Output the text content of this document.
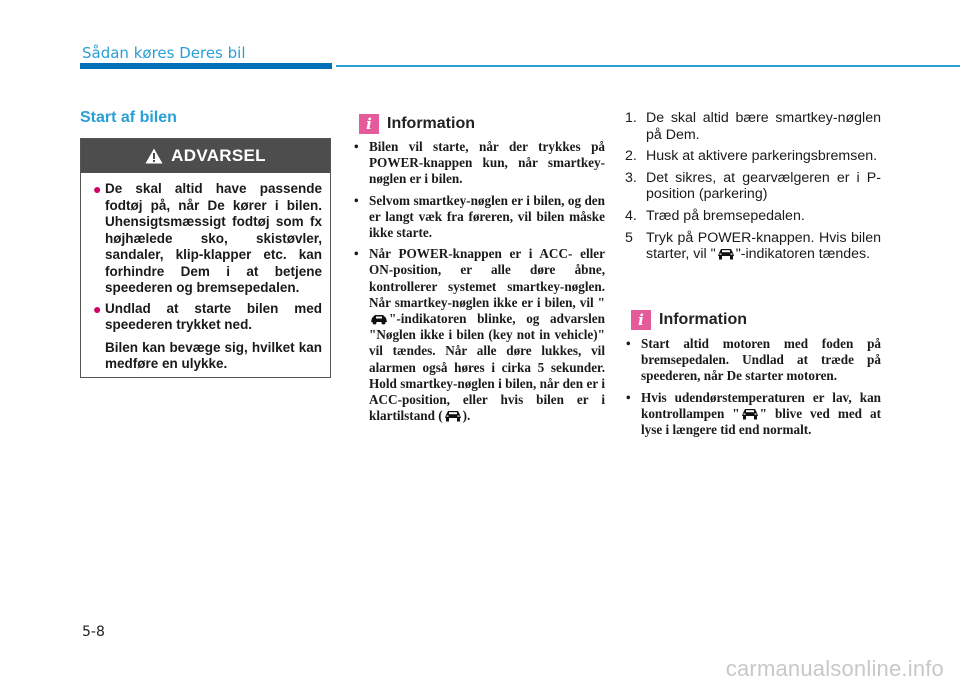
Sådan køres Deres bil
Start af bilen
ADVARSEL
● De skal altid have passende fodtøj på, når De kører i bilen. Uhensigtsmæssigt fodtøj som fx højhælede sko, skistøvler, sandaler, klip-klapper etc. kan forhindre Dem i at betjene speederen og bremsepedalen.
● Undlad at starte bilen med speederen trykket ned.
Bilen kan bevæge sig, hvilket kan medføre en ulykke.
i Information
• Bilen vil starte, når der trykkes på POWER-knappen kun, når smartkey-nøglen er i bilen.
• Selvom smartkey-nøglen er i bilen, og den er langt væk fra føreren, vil bilen måske ikke starte.
• Når POWER-knappen er i ACC- eller ON-position, er alle døre åbne, kontrollerer systemet smartkey-nøglen. Når smartkey-nøglen ikke er i bilen, vil ""-indikatoren blinke, og advarslen "Nøglen ikke i bilen (key not in vehicle)" vil tændes. Når alle døre lukkes, vil alarmen også høres i cirka 5 sekunder. Hold smartkey-nøglen i bilen, når den er i ACC-position, eller hvis bilen er i klartilstand ( ).
1. De skal altid bære smartkey-nøglen på Dem.
2. Husk at aktivere parkeringsbremsen.
3. Det sikres, at gearvælgeren er i P-position (parkering)
4. Træd på bremsepedalen.
5 Tryk på POWER-knappen. Hvis bilen starter, vil " "-indikatoren tændes.
i Information
• Start altid motoren med foden på bremsepedalen. Undlad at træde på speederen, når De starter motoren.
• Hvis udendørstemperaturen er lav, kan kontrollampen " " blive ved med at lyse i længere tid end normalt.
5-8
carmanualsonline.info
